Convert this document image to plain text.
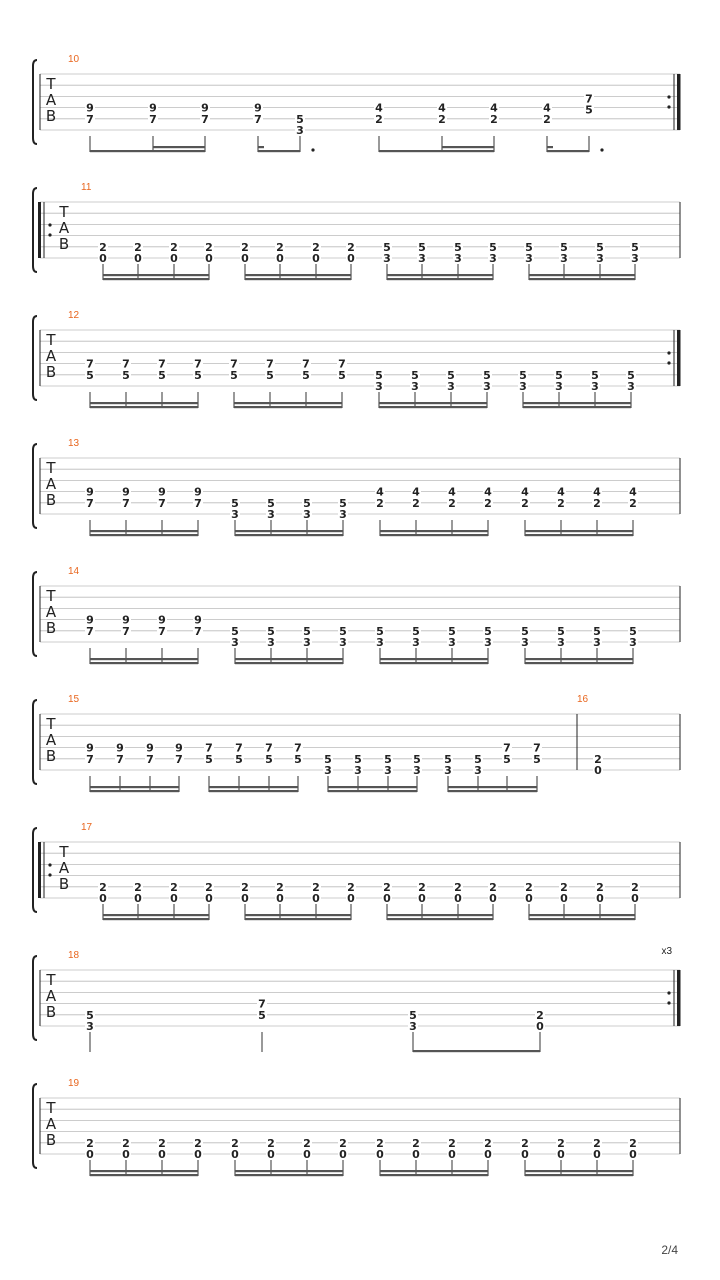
T
A
B
10
9
7
9
7
9
7
9
7	5
3
4
2
4
2
4
2
4
2
7
5
T
A
B
11
2
0
2
0
2
0
2
0
2
0
2
0
2
0
2
0
5
3
5
3
5
3
5
3
5
3
5
3
5
3
5
3
T
A
B
12
7
5
7
5
7
5
7
5
7
5
7
5
7
5
7
5	5
3
5
3
5
3
5
3
5
3
5
3
5
3
5
3
T
A
B
13
9
7
9
7
9
7
9
7	5
3
5
3
5
3
5
3
4
2
4
2
4
2
4
2
4
2
4
2
4
2
4
2
T
A
B
14
9
7
9
7
9
7
9
7	5
3
5
3
5
3
5
3
5
3
5
3
5
3
5
3
5
3
5
3
5
3
5
3
T
A
B
15
9
7
9
7
9
7
9
7
7
5
7
5
7
5
7
5 5
3
5
3
5
3
5
3
5
3
5
3
7
5
7
5
16
2
0
T
A
B
17
2
0
2
0
2
0
2
0
2
0
2
0
2
0
2
0
2
0
2
0
2
0
2
0
2
0
2
0
2
0
2
0
T
A
B
18	x3
5
3
7
5	5
3
2
0
T
A
B
19
2
0
2
0
2
0
2
0
2
0
2
0
2
0
2
0
2
0
2
0
2
0
2
0
2
0
2
0
2
0
2
0
2/4
